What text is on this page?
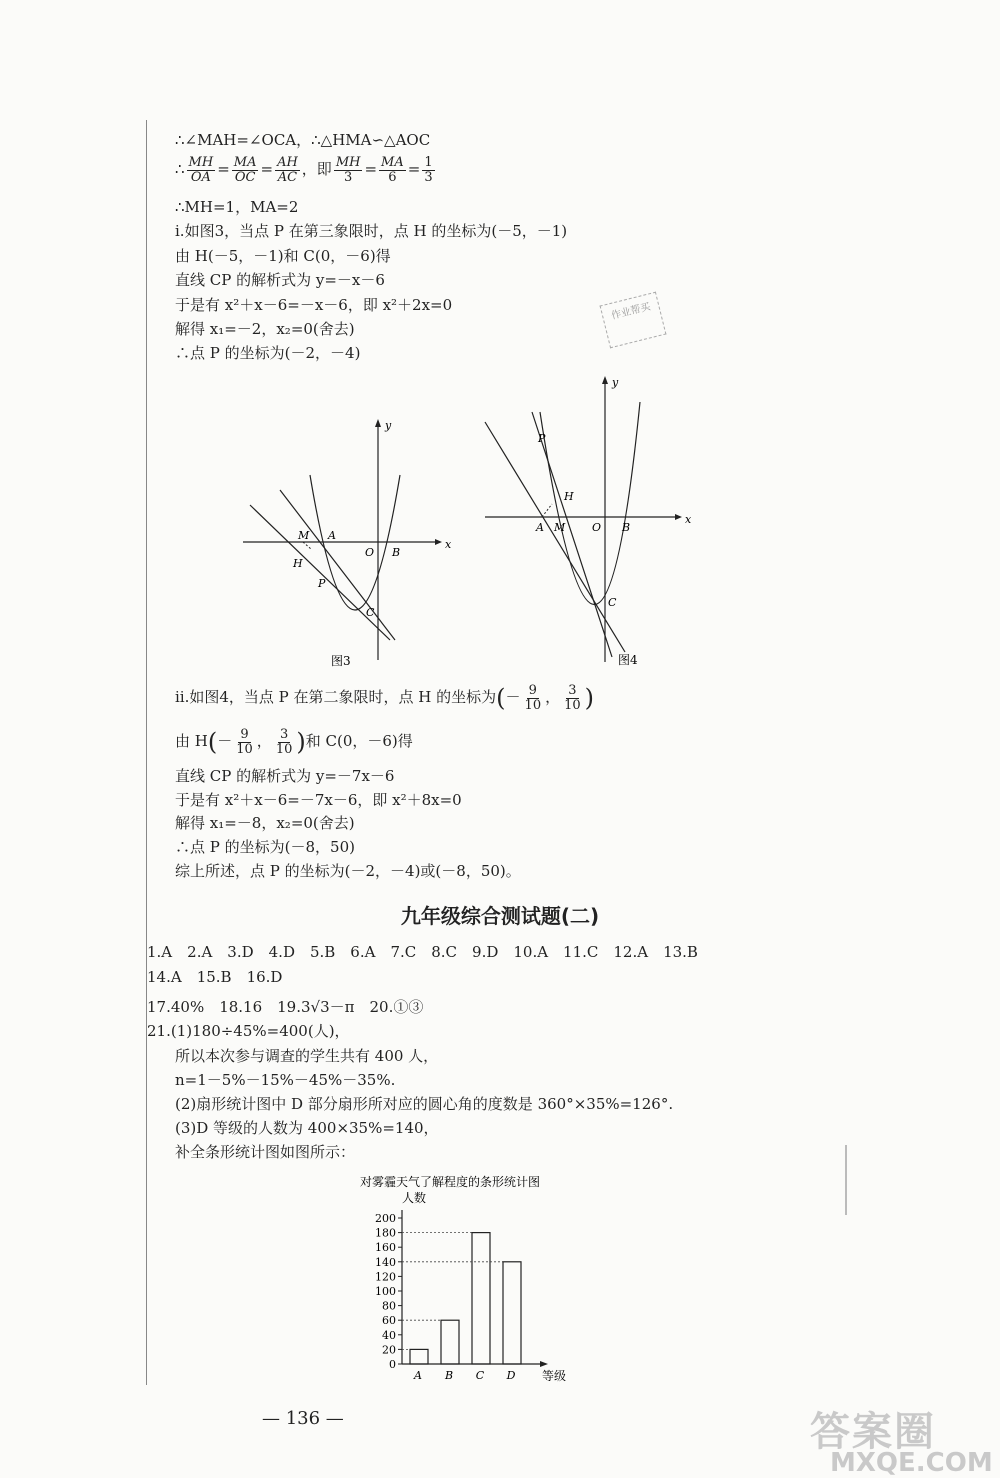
∴∠MAH=∠OCA，∴△HMA∽△AOC
∴ $\frac{MH}{OA} = \frac{MA}{OC} = \frac{AH}{AC}$ ，即 $\frac{MH}{3} = \frac{MA}{6} = \frac{1}{3}$
∴MH=1，MA=2
ⅰ.如图3，当点 P 在第三象限时，点 H 的坐标为(－5，－1)
由 H(－5，－1)和 C(0，－6)得
直线 CP 的解析式为 y=－x－6
于是有 x²＋x－6=－x－6，即 x²＋2x=0
解得 x₁=－2，x₂=0(舍去)
∴点 P 的坐标为(－2，－4)
作业帮买
x
y
O B
A
M
H
P
C
图3
x
y
O B
A M
H
P
C
图4
ⅱ.如图4，当点 P 在第二象限时，点 H 的坐标为(－ $\frac{9}{10}$ ， $\frac{3}{10}$ )
由 $H(- \frac{9}{10}$ ， $\frac{3}{10}$ )和 C(0，－6)得
直线 CP 的解析式为 y=－7x－6
于是有 x²＋x－6=－7x－6，即 x²＋8x=0
解得 x₁=－8，x₂=0(舍去)
∴点 P 的坐标为(－8，50)
综上所述，点 P 的坐标为(－2，－4)或(－8，50)。
九年级综合测试题(二)
1.A　2.A　3.D　4.D　5.B　6.A　7.C　8.C　9.D　10.A　11.C　12.A　13.B
14.A　15.B　16.D
17.40%　18.16　19.3√3－π　20.①③
21.(1)180÷45%=400(人)，
所以本次参与调查的学生共有 400 人，
n=1－5%－15%－45%－35%.
(2)扇形统计图中 D 部分扇形所对应的圆心角的度数是 360°×35%=126°.
(3)D 等级的人数为 400×35%=140，
补全条形统计图如图所示：
对雾霾天气了解程度的条形统计图
人数
0
20
40
60
80
100
120
140
160
180
200
A B C D 等级
— 136 —	答案圈
MXQE.COM
